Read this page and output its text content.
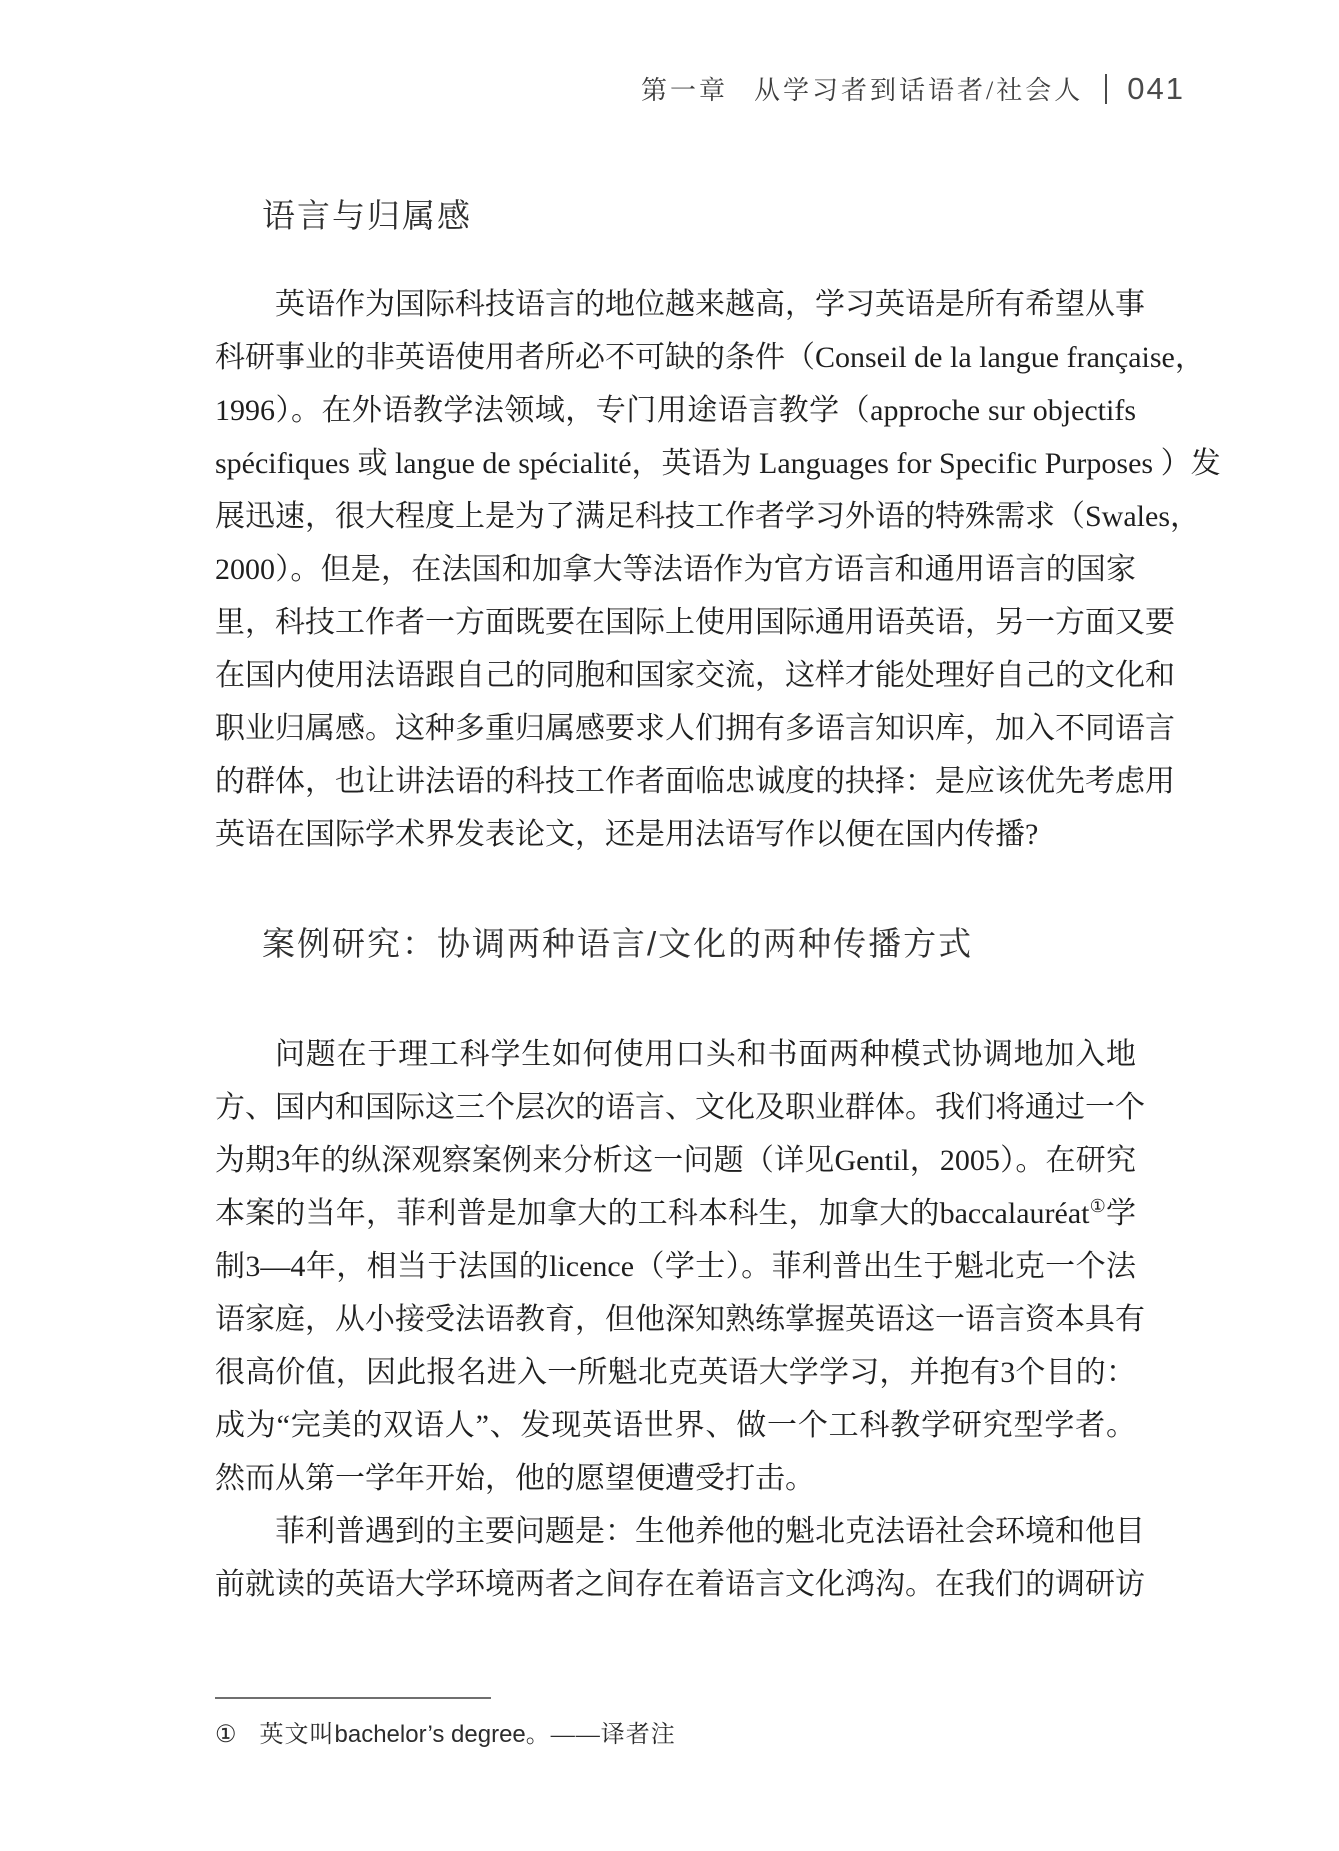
第一章 从学习者到话语者/社会人 041
语言与归属感
英语作为国际科技语言的地位越来越高，学习英语是所有希望从事
科研事业的非英语使用者所必不可缺的条件（Conseil de la langue française，
1996）。在外语教学法领域，专门用途语言教学（approche sur objectifs
spécifiques 或 langue de spécialité，英语为 Languages for Specific Purposes ）发
展迅速，很大程度上是为了满足科技工作者学习外语的特殊需求（Swales，
2000）。但是，在法国和加拿大等法语作为官方语言和通用语言的国家
里，科技工作者一方面既要在国际上使用国际通用语英语，另一方面又要
在国内使用法语跟自己的同胞和国家交流，这样才能处理好自己的文化和
职业归属感。这种多重归属感要求人们拥有多语言知识库，加入不同语言
的群体，也让讲法语的科技工作者面临忠诚度的抉择：是应该优先考虑用
英语在国际学术界发表论文，还是用法语写作以便在国内传播?
案例研究：协调两种语言/文化的两种传播方式
问题在于理工科学生如何使用口头和书面两种模式协调地加入地
方、国内和国际这三个层次的语言、文化及职业群体。我们将通过一个
为期3年的纵深观察案例来分析这一问题（详见Gentil，2005）。在研究
本案的当年，菲利普是加拿大的工科本科生，加拿大的baccalauréat①学
制3—4年，相当于法国的licence（学士）。菲利普出生于魁北克一个法
语家庭，从小接受法语教育，但他深知熟练掌握英语这一语言资本具有
很高价值，因此报名进入一所魁北克英语大学学习，并抱有3个目的：
成为“完美的双语人”、发现英语世界、做一个工科教学研究型学者。
然而从第一学年开始，他的愿望便遭受打击。
菲利普遇到的主要问题是：生他养他的魁北克法语社会环境和他目
前就读的英语大学环境两者之间存在着语言文化鸿沟。在我们的调研访
① 英文叫bachelor’s degree。——译者注
